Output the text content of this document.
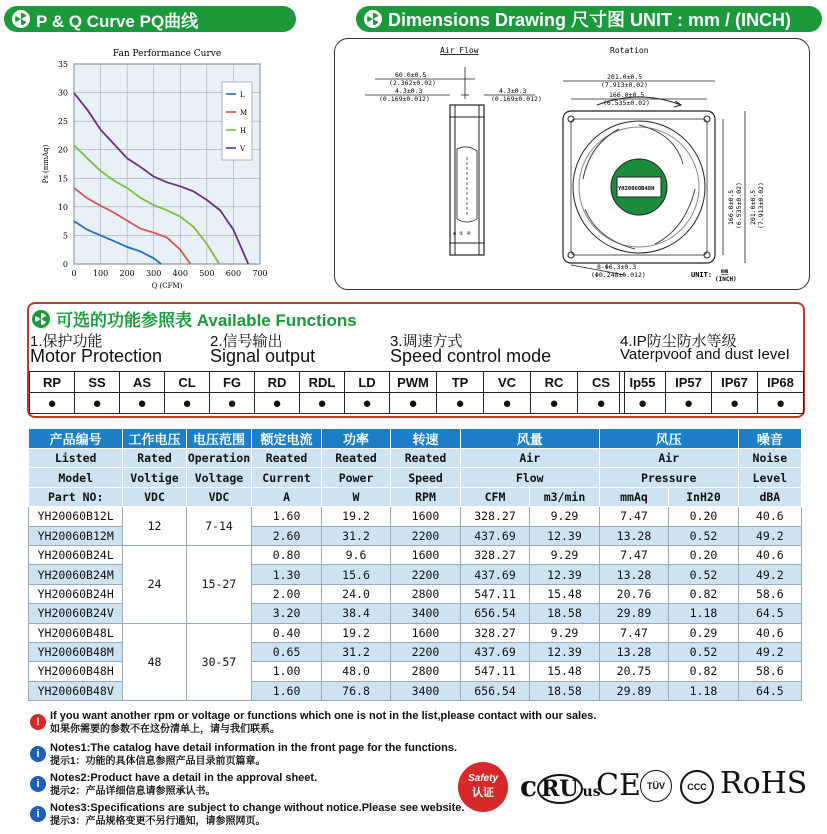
P & Q Curve PQ曲线	Dimensions Drawing 尺寸图 UNIT : mm / (INCH)
0 100 200 300 400 500 600 700
0
5
10
15
20
25
30
35
Fan Performance Curve
Q (CFM)
Ps (mmAq)
L
M
H
V
⊕ ② ④
Air Flow	Rotation
60.0±0.5
(2.362±0.02)
4.3±0.3
(0.169±0.012)
4.3±0.3
(0.169±0.012)
201.0±0.5
(7.913±0.02)
166.0±0.5
(6.535±0.02)
166.0±0.5 (6.535±0.02) 201.0±0.5 (7.913±0.02)
8-Φ6.3±0.3
(Φ0.248±0.012)
YH20060B48H
UNIT: mm
(INCH)
可选的功能参照表 Available Functions
1.保护功能
Motor Protection
RP	SS	AS	CL
●	●	●	●
2.信号输出
Signal output
FG	RD	RDL	LD
●	●	●	●
3.调速方式
Speed control mode
PWM	TP	VC	RC	CS
●	●	●	●	●
4.IP防尘防水等级
Vaterpvoof and dust IeveI
Ip55	IP57	IP67	IP68
●	●	●	●
产品编号	工作电压	电压范围	额定电流	功率	转速	风量		风压		噪音
Listed	Rated	Operation	Reated	Reated	Reated	Air		Air		Noise
Model	Voltige	Voltage	Current	Power	Speed	Flow		Pressure		Level
Part NO:	VDC	VDC	A	W	RPM	CFM	m3/min	mmAq	InH20	dBA
YH20060B12L	12	7-14	1.60	19.2	1600	328.27	9.29	7.47	0.20	40.6
YH20060B12M			2.60	31.2	2200	437.69	12.39	13.28	0.52	49.2
YH20060B24L	24	15-27	0.80	9.6	1600	328.27	9.29	7.47	0.20	40.6
YH20060B24M			1.30	15.6	2200	437.69	12.39	13.28	0.52	49.2
YH20060B24H			2.00	24.0	2800	547.11	15.48	20.76	0.82	58.6
YH20060B24V			3.20	38.4	3400	656.54	18.58	29.89	1.18	64.5
YH20060B48L	48	30-57	0.40	19.2	1600	328.27	9.29	7.47	0.29	40.6
YH20060B48M			0.65	31.2	2200	437.69	12.39	13.28	0.52	49.2
YH20060B48H			1.00	48.0	2800	547.11	15.48	20.75	0.82	58.6
YH20060B48V			1.60	76.8	3400	656.54	18.58	29.89	1.18	64.5
! If you want another rpm or voltage or functions which one is not in the list,please contact with our sales.
如果你需要的参数不在这份清单上，请与我们联系。
i Notes1:The catalog have detail information in the front page for the functions.
提示1：功能的具体信息参照产品目录前页篇章。
i Notes2:Product have a detail in the approval sheet.
提示2：产品详细信息请参照承认书。
i Notes3:Specifications are subject to change without notice.Please see website.
提示3：产品规格变更不另行通知，请参照网页。
Safety
认证 c RU us
CE TÜV	CCC RoHS
